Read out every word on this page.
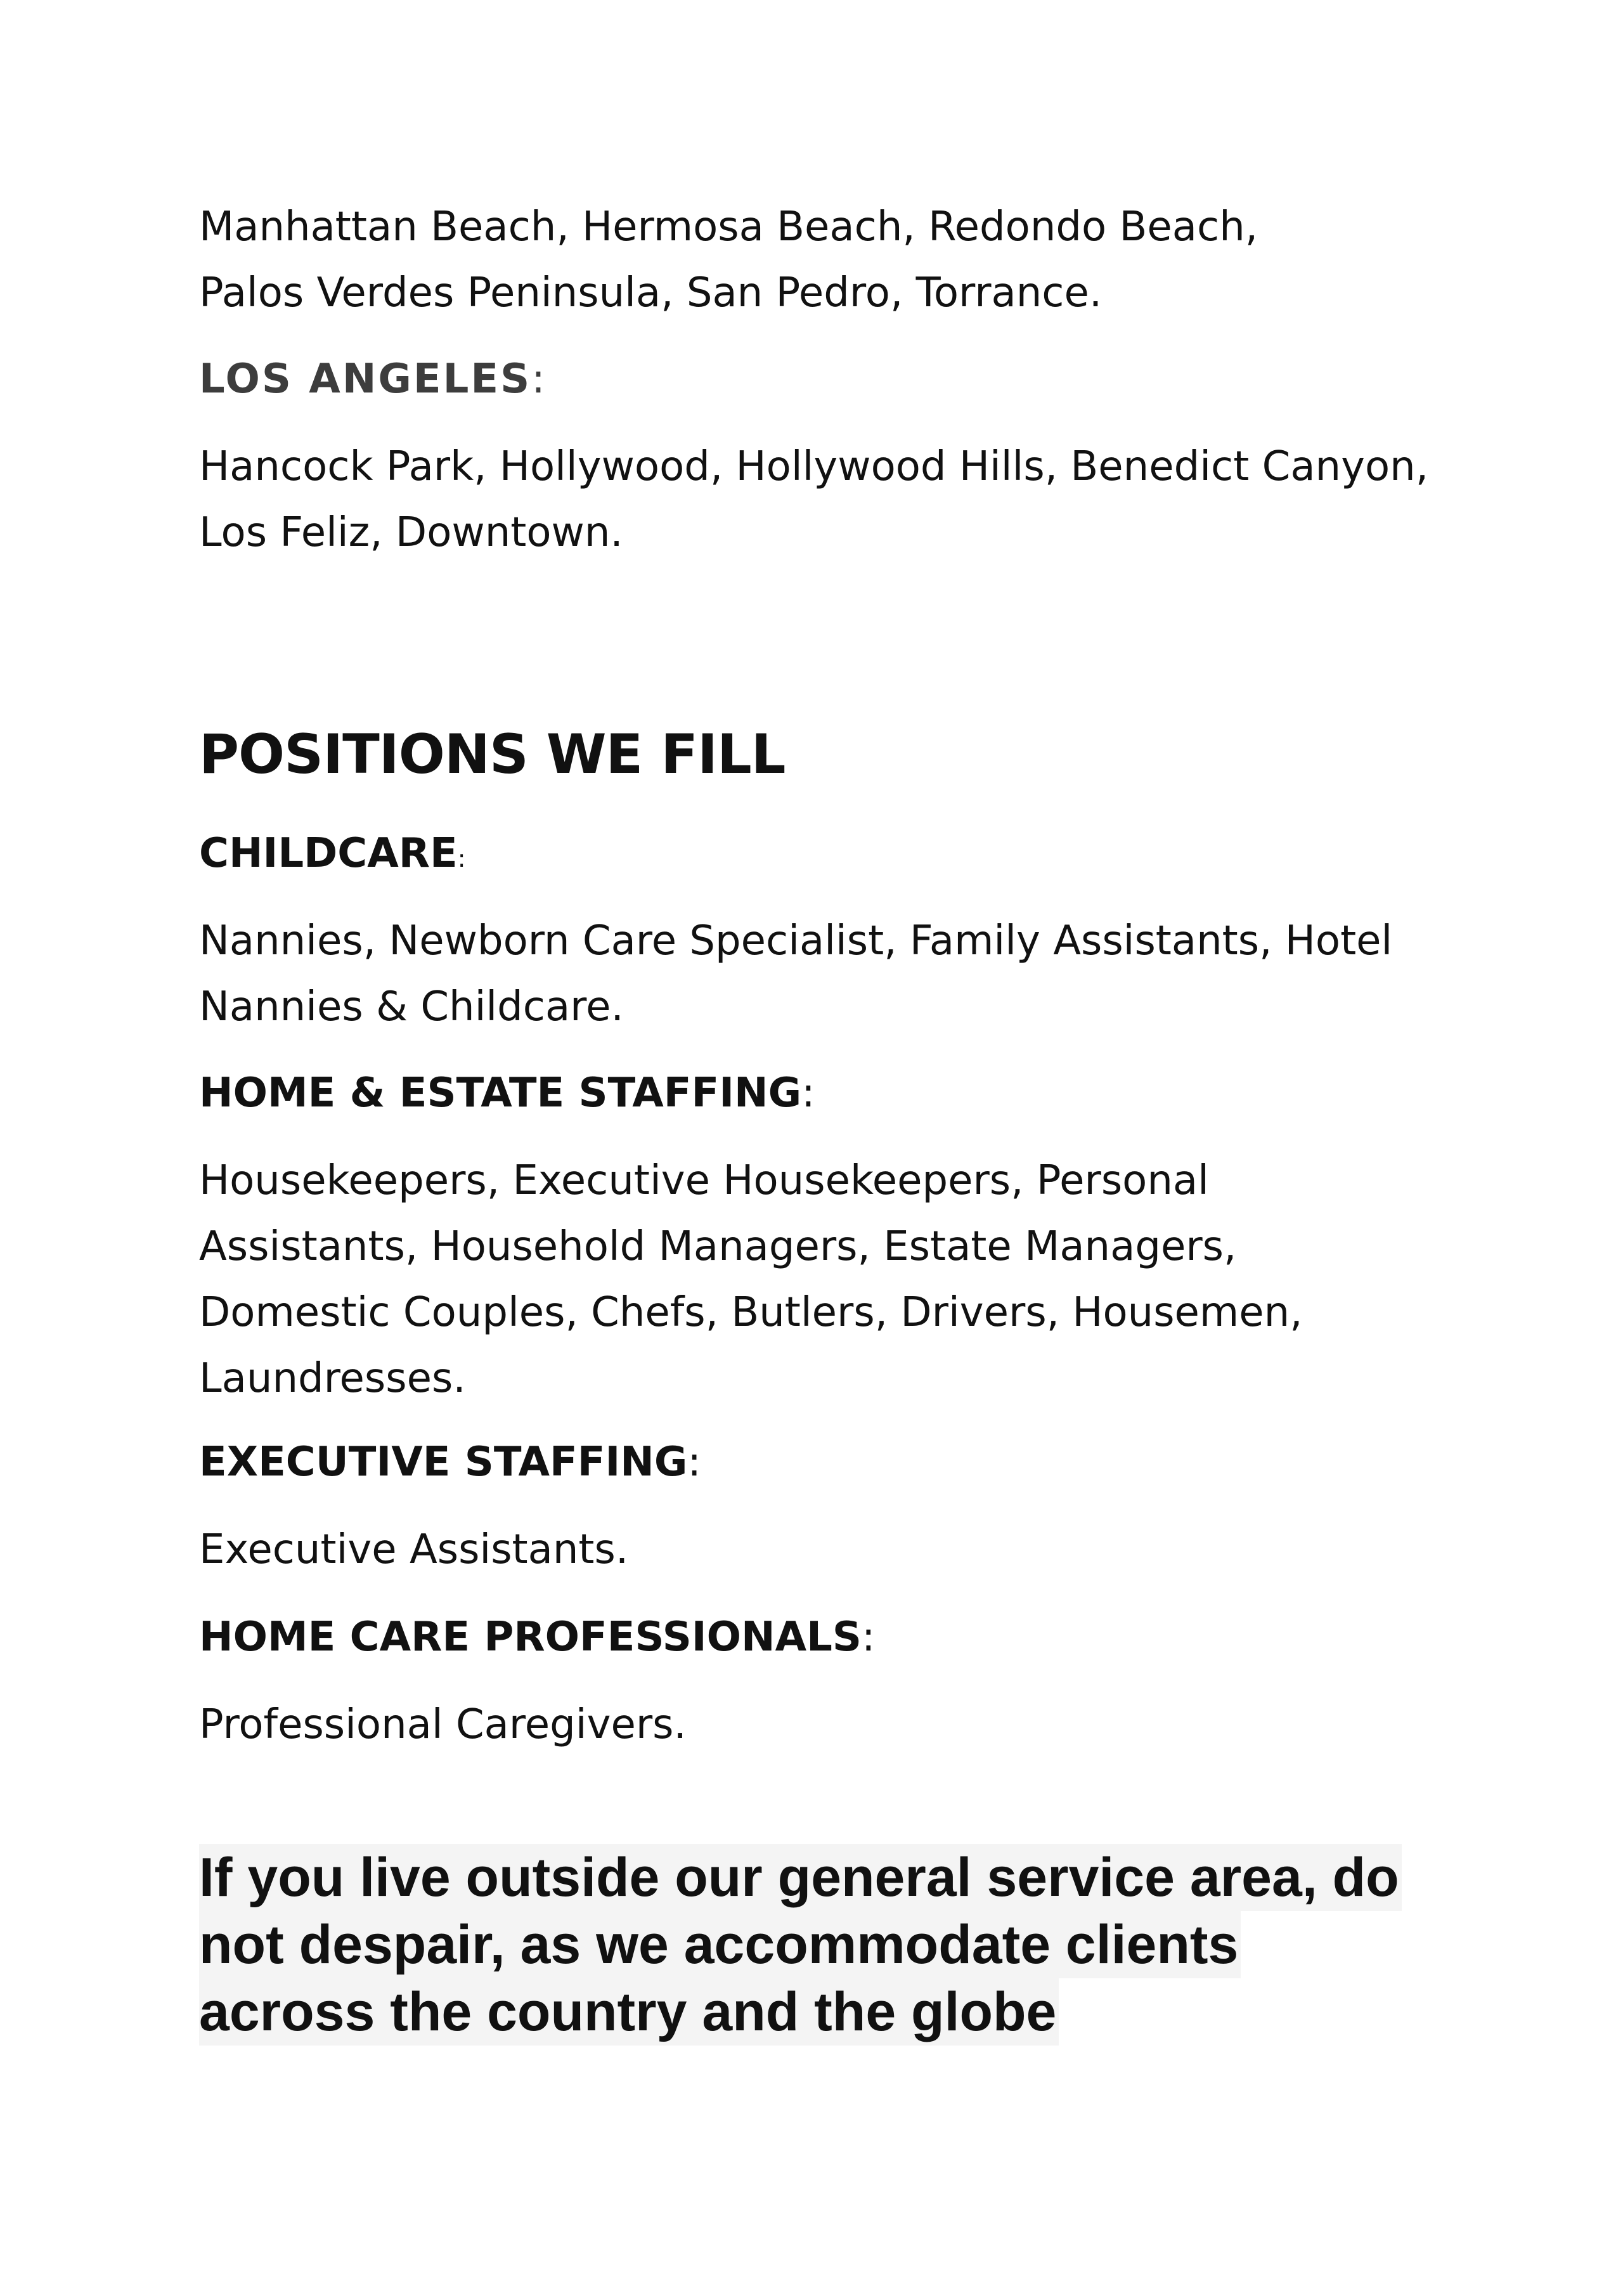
Manhattan Beach, Hermosa Beach, Redondo Beach,
Palos Verdes Peninsula, San Pedro, Torrance.

LOS ANGELES:

Hancock Park, Hollywood, Hollywood Hills, Benedict Canyon,
Los Feliz, Downtown.

POSITIONS WE FILL

CHILDCARE:

Nannies, Newborn Care Specialist, Family Assistants, Hotel
Nannies & Childcare.

HOME & ESTATE STAFFING:

Housekeepers, Executive Housekeepers, Personal
Assistants, Household Managers, Estate Managers,
Domestic Couples, Chefs, Butlers, Drivers, Housemen,
Laundresses.

EXECUTIVE STAFFING:

Executive Assistants.

HOME CARE PROFESSIONALS:

Professional Caregivers.

If you live outside our general service area, do
not despair, as we accommodate clients
across the country and the globe
